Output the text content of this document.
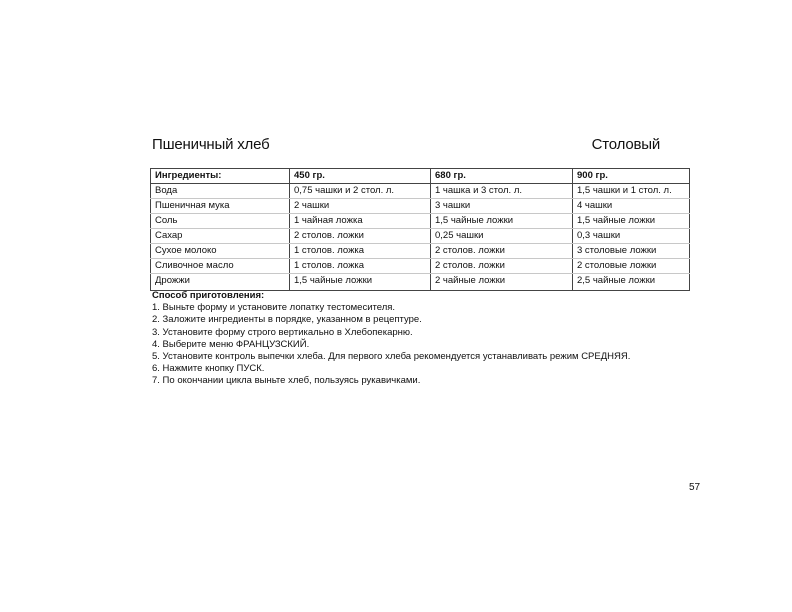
Пшеничный хлеб	Столовый
Ингредиенты:	450 гр.	680 гр.	900 гр.
Вода	0,75 чашки и 2 стол. л.	1 чашка и 3 стол. л.	1,5 чашки и 1 стол. л.
Пшеничная мука	2 чашки	3 чашки	4 чашки
Соль	1 чайная ложка	1,5 чайные ложки	1,5 чайные ложки
Сахар	2 столов. ложки	0,25 чашки	0,3 чашки
Сухое молоко	1 столов. ложка	2 столов. ложки	3 столовые ложки
Сливочное масло	1 столов. ложка	2 столов. ложки	2 столовые ложки
Дрожжи	1,5 чайные ложки	2 чайные ложки	2,5 чайные ложки
Способ приготовления:
1. Выньте форму и установите лопатку тестомесителя.
2. Заложите ингредиенты в порядке, указанном в рецептуре.
3. Установите форму строго вертикально в Хлебопекарню.
4. Выберите меню ФРАНЦУЗСКИЙ.
5. Установите контроль выпечки хлеба. Для первого хлеба рекомендуется устанавливать режим СРЕДНЯЯ.
6. Нажмите кнопку ПУСК.
7. По окончании цикла выньте хлеб, пользуясь рукавичками.
57
